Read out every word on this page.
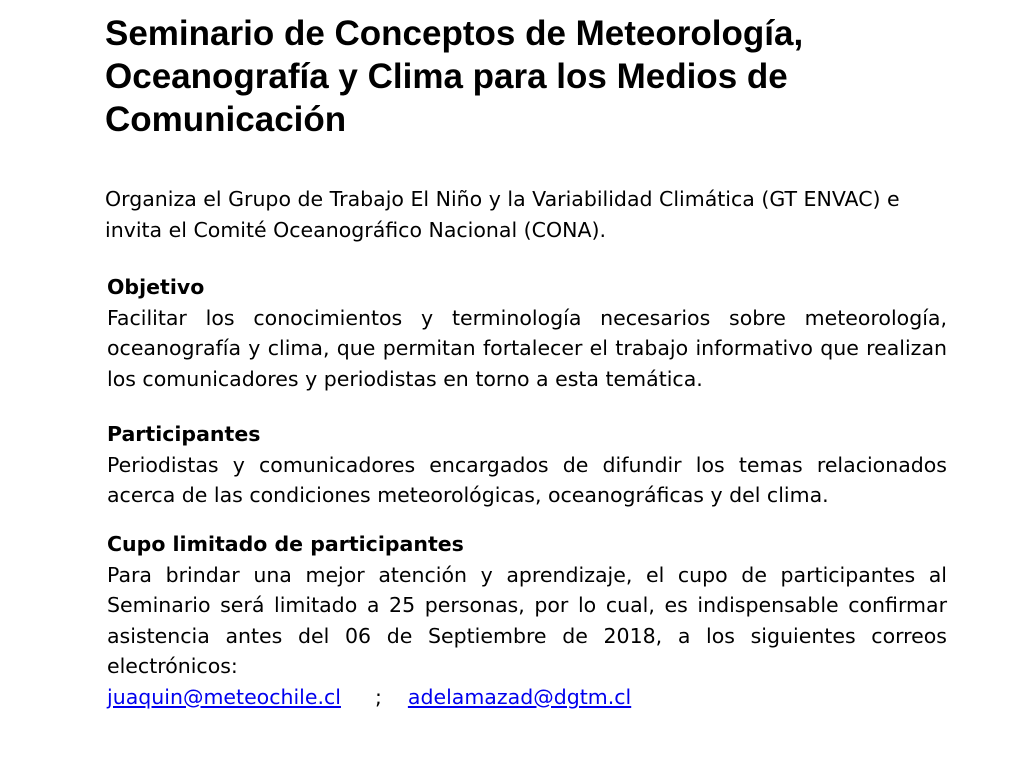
Seminario de Conceptos de Meteorología, Oceanografía y Clima para los Medios de Comunicación

Organiza el Grupo de Trabajo El Niño y la Variabilidad Climática (GT ENVAC) e invita el Comité Oceanográfico Nacional (CONA).

Objetivo

Facilitar los conocimientos y terminología necesarios sobre meteorología, oceanografía y clima, que permitan fortalecer el trabajo informativo que realizan los comunicadores y periodistas en torno a esta temática.

Participantes

Periodistas y comunicadores encargados de difundir los temas relacionados acerca de las condiciones meteorológicas, oceanográficas y del clima.

Cupo limitado de participantes

Para brindar una mejor atención y aprendizaje, el cupo de participantes al Seminario será limitado a 25 personas, por lo cual, es indispensable confirmar asistencia antes del 06 de Septiembre de 2018, a los siguientes correos electrónicos:

juaquin@meteochile.cl ; adelamazad@dgtm.cl
